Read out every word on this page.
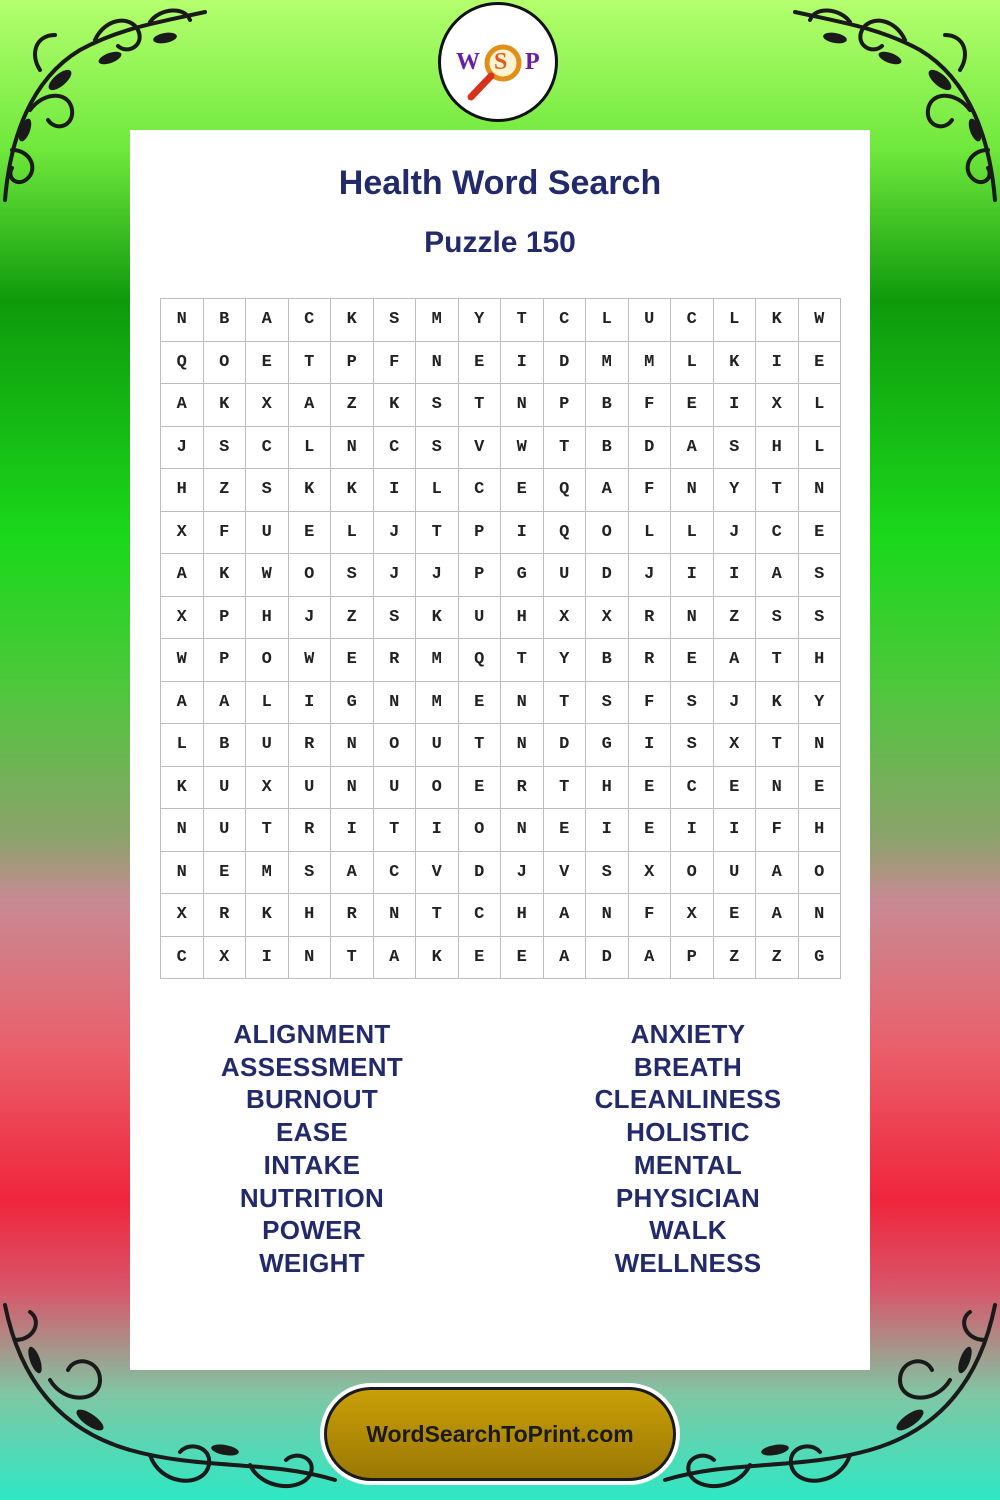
W S P
Health Word Search
Puzzle 150
N	B	A	C	K	S	M	Y	T	C	L	U	C	L	K	W
Q	O	E	T	P	F	N	E	I	D	M	M	L	K	I	E
A	K	X	A	Z	K	S	T	N	P	B	F	E	I	X	L
J	S	C	L	N	C	S	V	W	T	B	D	A	S	H	L
H	Z	S	K	K	I	L	C	E	Q	A	F	N	Y	T	N
X	F	U	E	L	J	T	P	I	Q	O	L	L	J	C	E
A	K	W	O	S	J	J	P	G	U	D	J	I	I	A	S
X	P	H	J	Z	S	K	U	H	X	X	R	N	Z	S	S
W	P	O	W	E	R	M	Q	T	Y	B	R	E	A	T	H
A	A	L	I	G	N	M	E	N	T	S	F	S	J	K	Y
L	B	U	R	N	O	U	T	N	D	G	I	S	X	T	N
K	U	X	U	N	U	O	E	R	T	H	E	C	E	N	E
N	U	T	R	I	T	I	O	N	E	I	E	I	I	F	H
N	E	M	S	A	C	V	D	J	V	S	X	O	U	A	O
X	R	K	H	R	N	T	C	H	A	N	F	X	E	A	N
C	X	I	N	T	A	K	E	E	A	D	A	P	Z	Z	G
ALIGNMENT
ASSESSMENT
BURNOUT
EASE
INTAKE
NUTRITION
POWER
WEIGHT
ANXIETY
BREATH
CLEANLINESS
HOLISTIC
MENTAL
PHYSICIAN
WALK
WELLNESS
WordSearchToPrint.com
